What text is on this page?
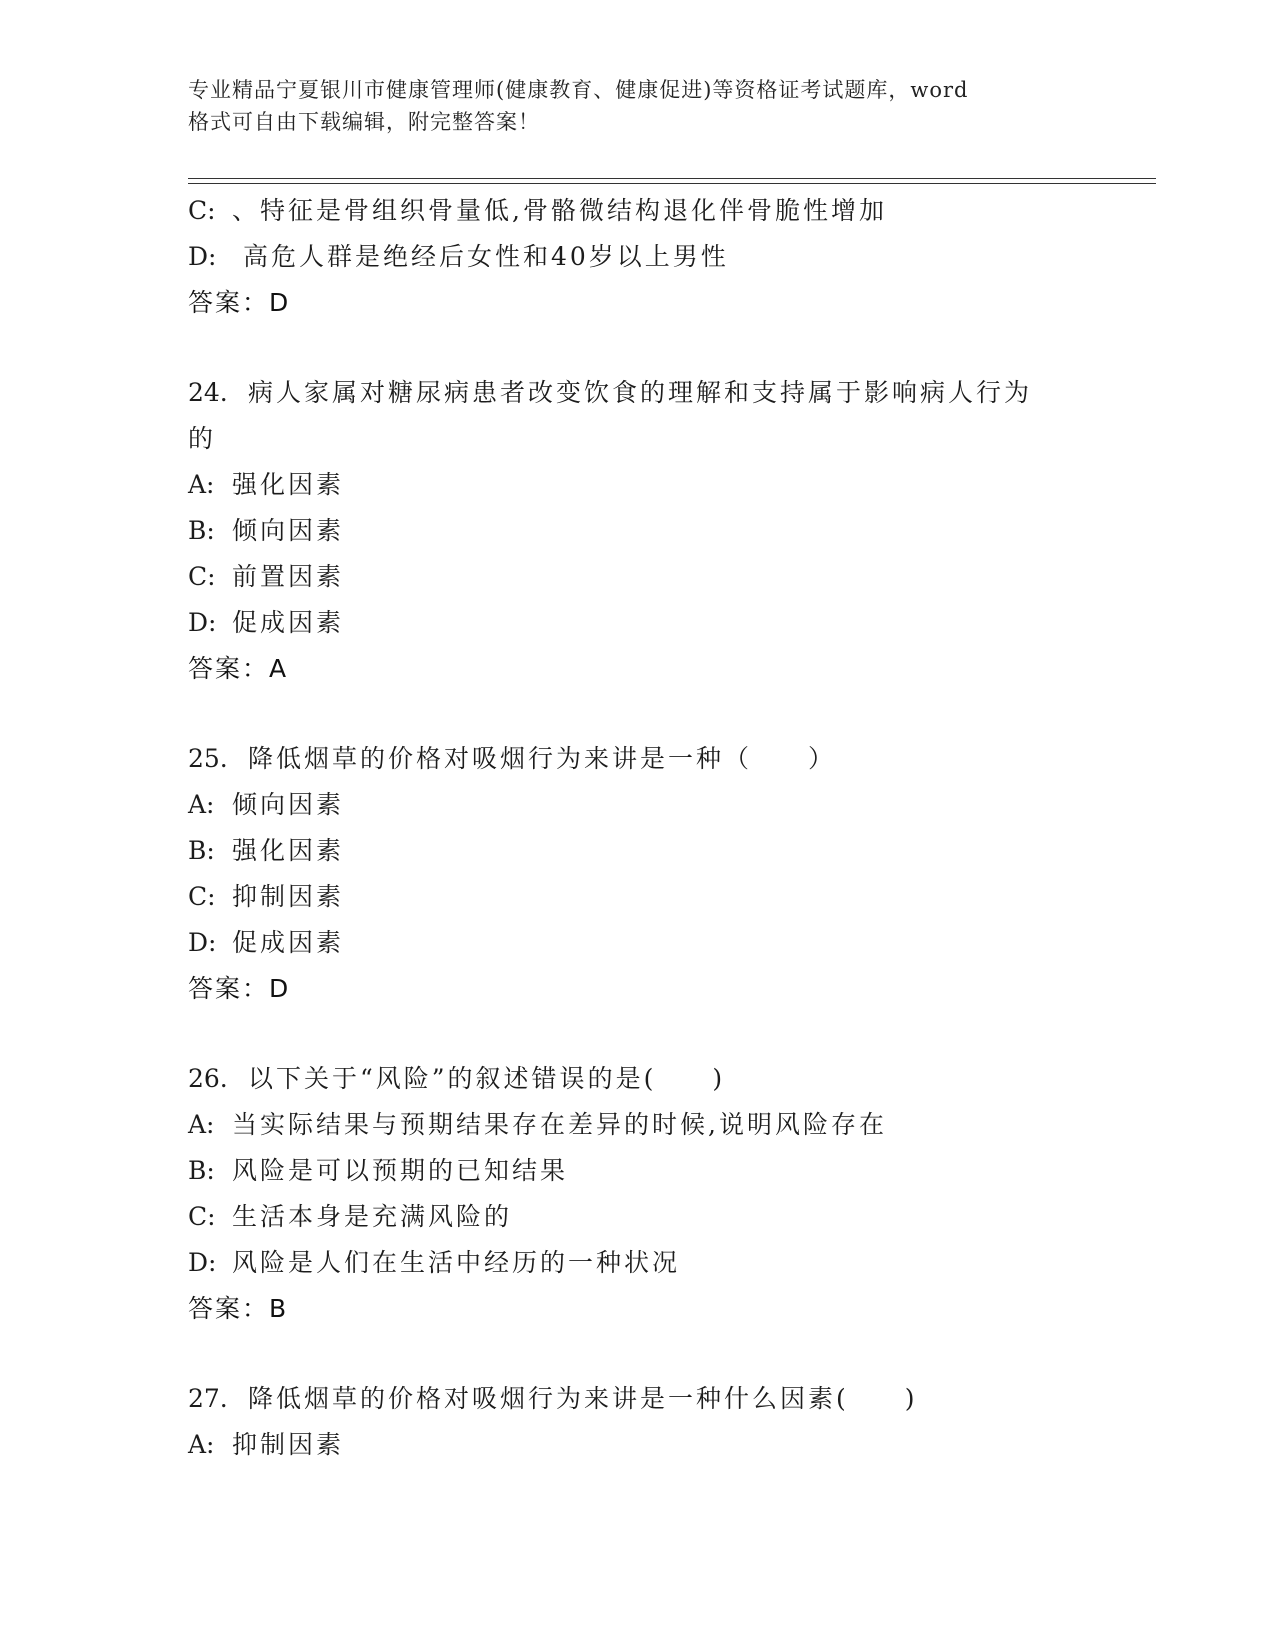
专业精品宁夏银川市健康管理师(健康教育、健康促进)等资格证考试题库，word
格式可自由下载编辑，附完整答案！
C: 、特征是骨组织骨量低,骨骼微结构退化伴骨脆性增加
D: 高危人群是绝经后女性和40岁以上男性
答案：D
24. 病人家属对糖尿病患者改变饮食的理解和支持属于影响病人行为
的
A: 强化因素
B: 倾向因素
C: 前置因素
D: 促成因素
答案：A
25. 降低烟草的价格对吸烟行为来讲是一种（　　）
A: 倾向因素
B: 强化因素
C: 抑制因素
D: 促成因素
答案：D
26. 以下关于“风险”的叙述错误的是(　　)
A: 当实际结果与预期结果存在差异的时候,说明风险存在
B: 风险是可以预期的已知结果
C: 生活本身是充满风险的
D: 风险是人们在生活中经历的一种状况
答案：B
27. 降低烟草的价格对吸烟行为来讲是一种什么因素(　　)
A: 抑制因素
